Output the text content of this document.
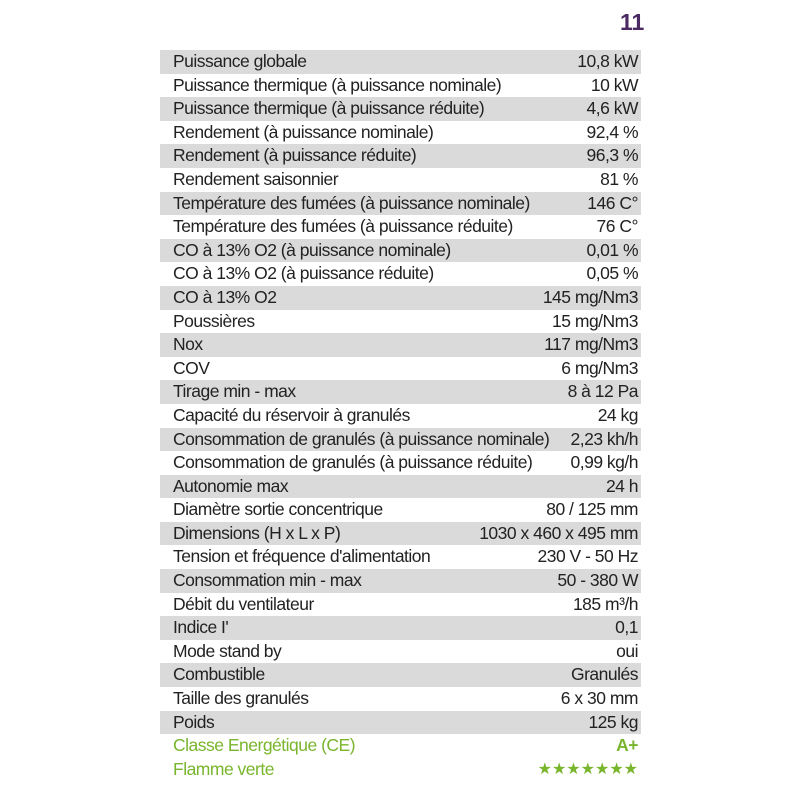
11
Puissance globale	10,8 kW
Puissance thermique (à puissance nominale)	10 kW
Puissance thermique (à puissance réduite)	4,6 kW
Rendement (à puissance nominale)	92,4 %
Rendement (à puissance réduite)	96,3 %
Rendement saisonnier	81 %
Température des fumées (à puissance nominale)	146 C°
Température des fumées (à puissance réduite)	76 C°
CO à 13% O2 (à puissance nominale)	0,01 %
CO à 13% O2 (à puissance réduite)	0,05 %
CO à 13% O2	145 mg/Nm3
Poussières	15 mg/Nm3
Nox	117 mg/Nm3
COV	6 mg/Nm3
Tirage min - max	8 à 12 Pa
Capacité du réservoir à granulés	24 kg
Consommation de granulés (à puissance nominale) 2,23 kh/h
Consommation de granulés (à puissance réduite) 0,99 kg/h
Autonomie max	24 h
Diamètre sortie concentrique	80 / 125 mm
Dimensions (H x L x P)	1030 x 460 x 495 mm
Tension et fréquence d'alimentation	230 V - 50 Hz
Consommation min - max	50 - 380 W
Débit du ventilateur	185 m³/h
Indice I'	0,1
Mode stand by	oui
Combustible	Granulés
Taille des granulés	6 x 30 mm
Poids	125 kg
Classe Energétique (CE)	A+
Flamme verte	★★★★★★★
